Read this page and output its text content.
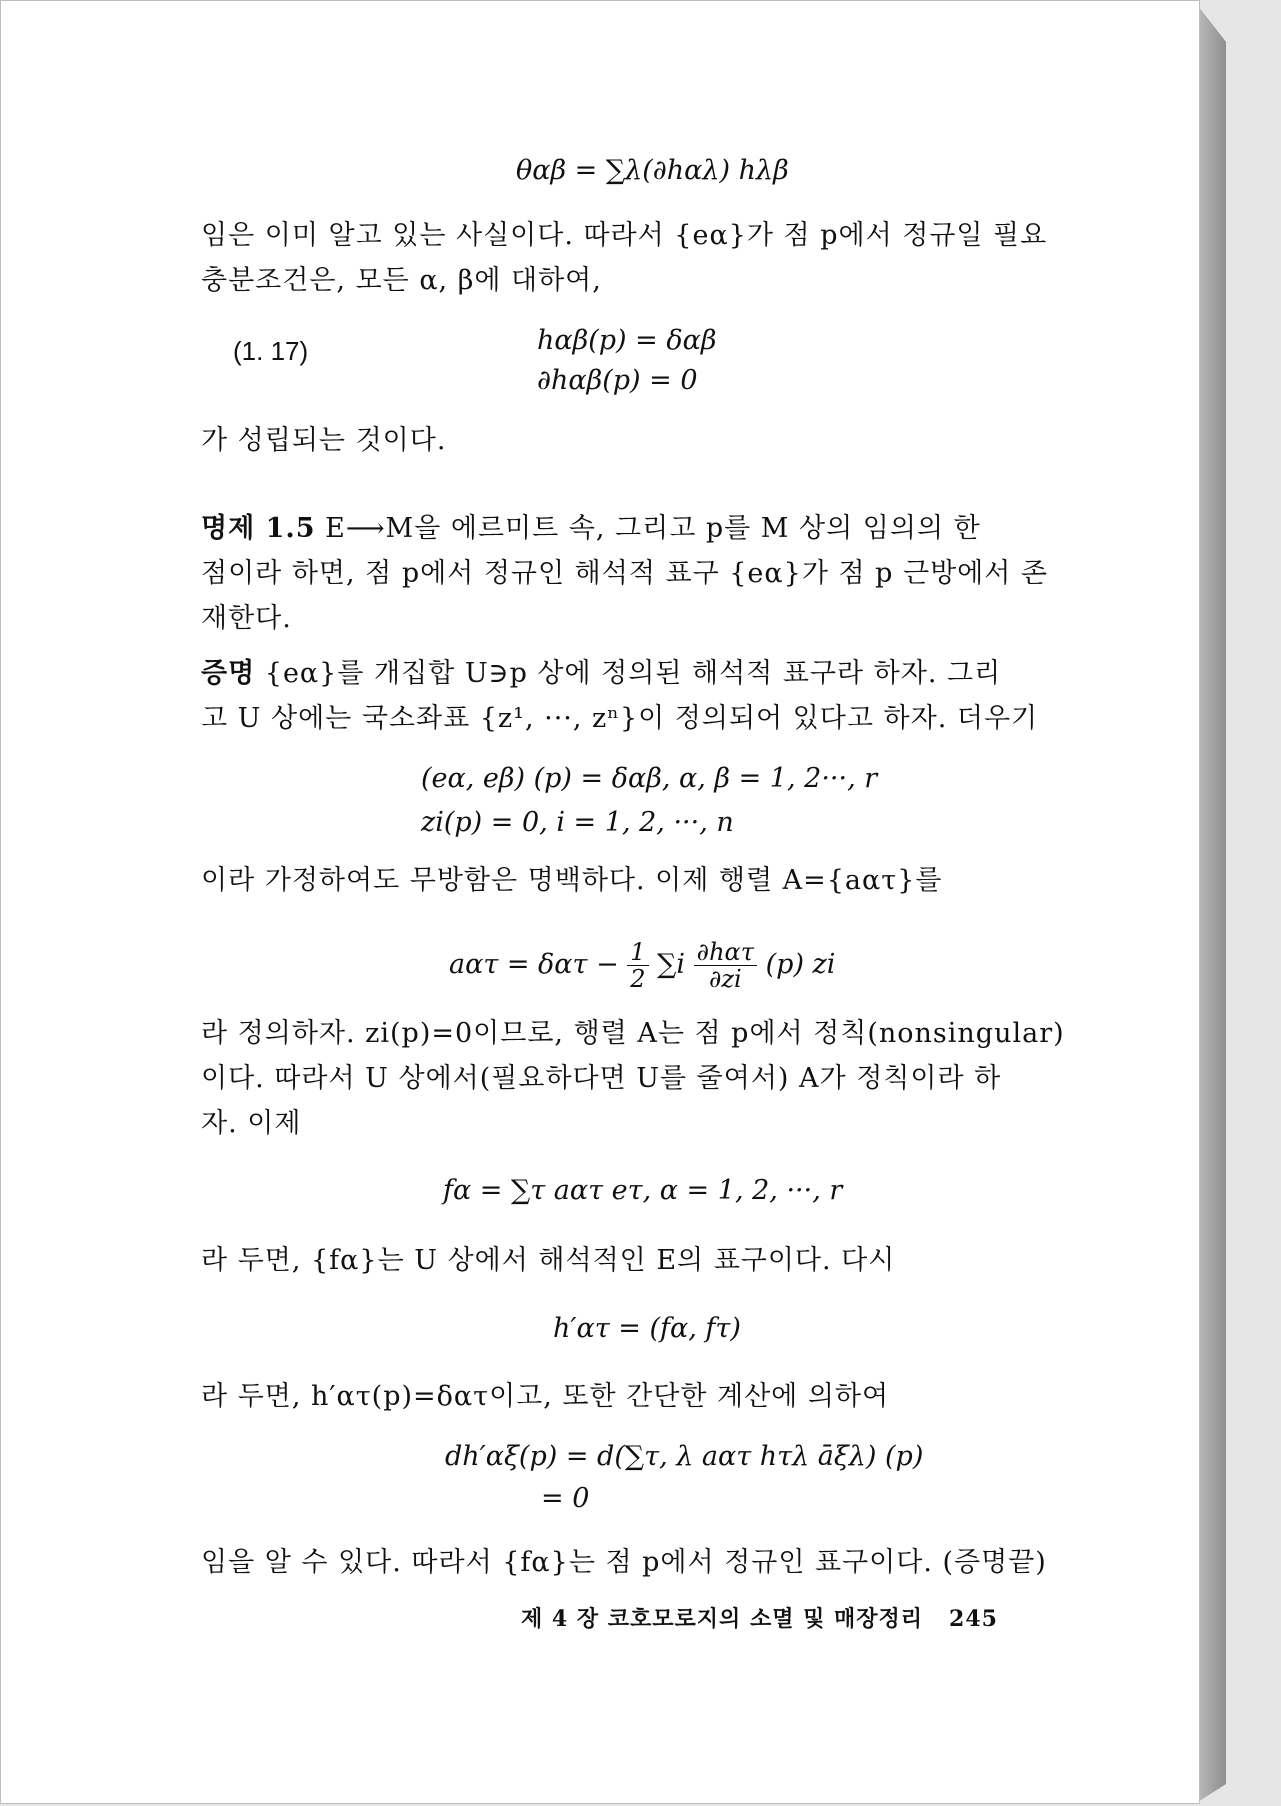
θαβ = ∑λ(∂hαλ) hλβ
임은 이미 알고 있는 사실이다. 따라서 {eα}가 점 p에서 정규일 필요
충분조건은, 모든 α, β에 대하여,
(1. 17)	hαβ(p) = δαβ
∂hαβ(p) = 0
가 성립되는 것이다.
명제 1.5 E⟶M을 에르미트 속, 그리고 p를 M 상의 임의의 한
점이라 하면, 점 p에서 정규인 해석적 표구 {eα}가 점 p 근방에서 존
재한다.
증명 {eα}를 개집합 U∋p 상에 정의된 해석적 표구라 하자. 그리
고 U 상에는 국소좌표 {z¹, ···, zⁿ}이 정의되어 있다고 하자. 더우기
(eα, eβ) (p) = δαβ, α, β = 1, 2···, r
zi(p) = 0, i = 1, 2, ···, n
이라 가정하여도 무방함은 명백하다. 이제 행렬 A={aατ}를
$a\alpha\tau = \delta\alpha\tau - \frac{1}{2} \sum i \frac{\text{∂hατ}}{\partial zi} (p)$ zi
라 정의하자. zi(p)=0이므로, 행렬 A는 점 p에서 정칙(nonsingular)
이다. 따라서 U 상에서(필요하다면 U를 줄여서) A가 정칙이라 하
자. 이제
fα = ∑τ aατ eτ, α = 1, 2, ···, r
라 두면, {fα}는 U 상에서 해석적인 E의 표구이다. 다시
h′ατ = (fα, fτ)
라 두면, h′ατ(p)=δατ이고, 또한 간단한 계산에 의하여
dh′αξ(p) = d(∑τ, λ aατ hτλ āξλ) (p)
= 0
임을 알 수 있다. 따라서 {fα}는 점 p에서 정규인 표구이다. (증명끝)
제 4 장 코호모로지의 소멸 및 매장정리 245
